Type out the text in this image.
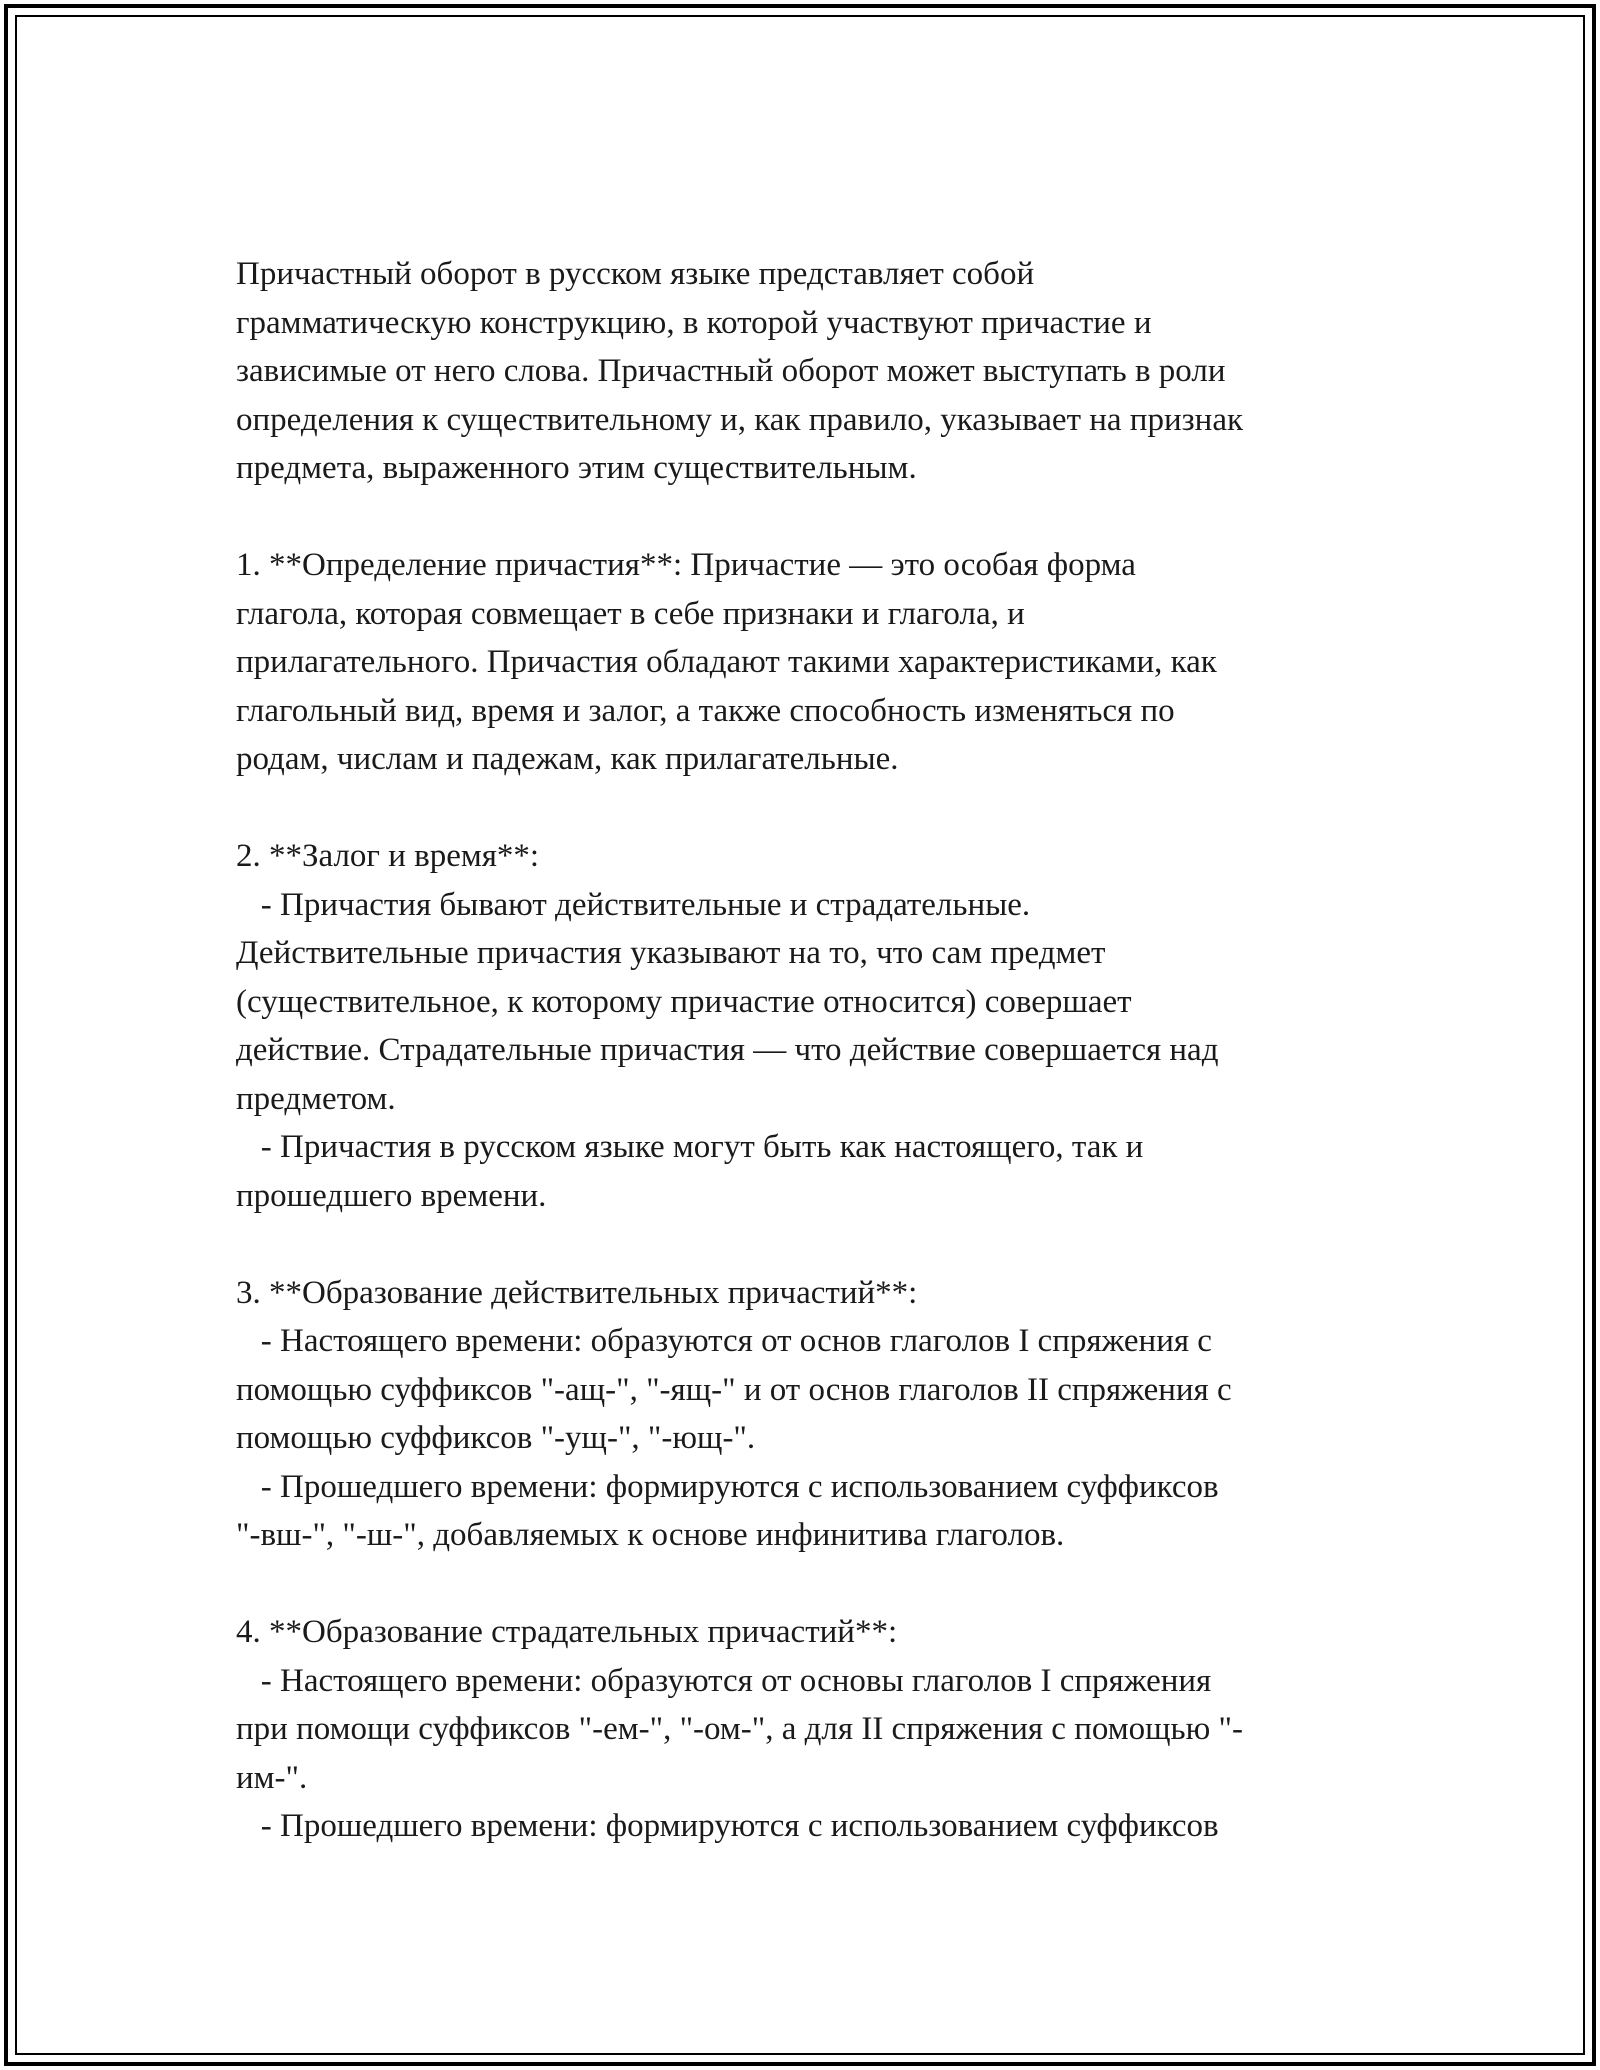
Причастный оборот в русском языке представляет собой
грамматическую конструкцию, в которой участвуют причастие и
зависимые от него слова. Причастный оборот может выступать в роли
определения к существительному и, как правило, указывает на признак
предмета, выраженного этим существительным.

1. **Определение причастия**: Причастие — это особая форма
глагола, которая совмещает в себе признаки и глагола, и
прилагательного. Причастия обладают такими характеристиками, как
глагольный вид, время и залог, а также способность изменяться по
родам, числам и падежам, как прилагательные.

2. **Залог и время**:
- Причастия бывают действительные и страдательные.
Действительные причастия указывают на то, что сам предмет
(существительное, к которому причастие относится) совершает
действие. Страдательные причастия — что действие совершается над
предметом.
- Причастия в русском языке могут быть как настоящего, так и
прошедшего времени.

3. **Образование действительных причастий**:
- Настоящего времени: образуются от основ глаголов I спряжения с
помощью суффиксов "-ащ-", "-ящ-" и от основ глаголов II спряжения с
помощью суффиксов "-ущ-", "-ющ-".
- Прошедшего времени: формируются с использованием суффиксов
"-вш-", "-ш-", добавляемых к основе инфинитива глаголов.

4. **Образование страдательных причастий**:
- Настоящего времени: образуются от основы глаголов I спряжения
при помощи суффиксов "-ем-", "-ом-", а для II спряжения с помощью "-
им-".
- Прошедшего времени: формируются с использованием суффиксов
